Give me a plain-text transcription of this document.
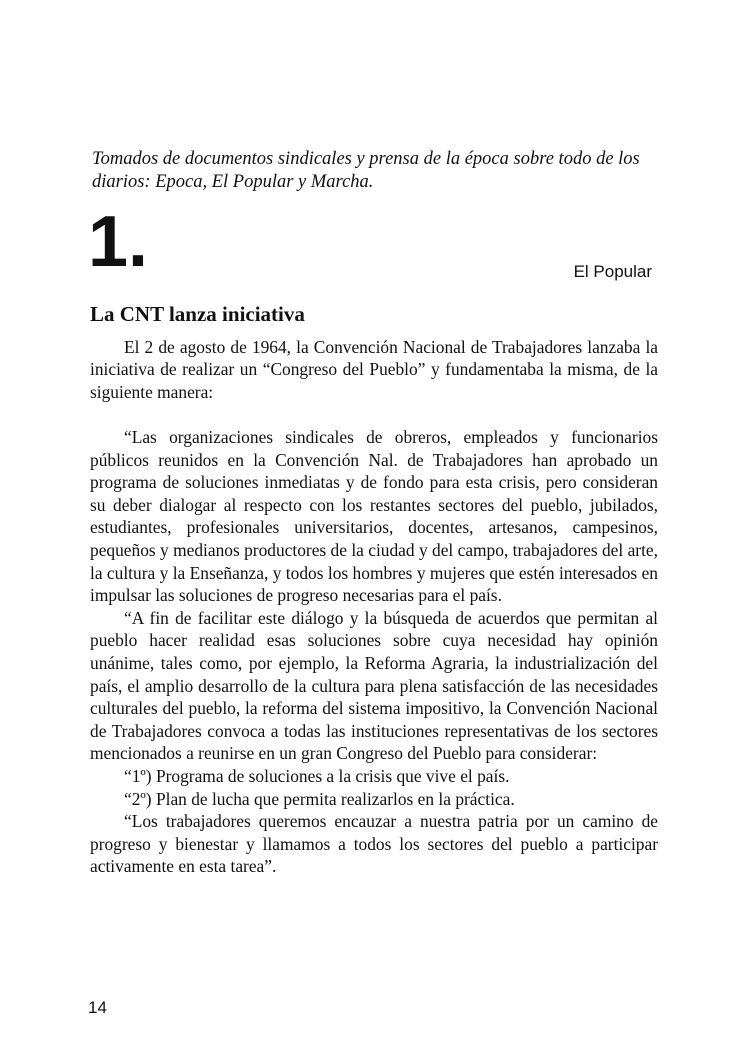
Tomados de documentos sindicales y prensa de la época sobre todo de los diarios: Epoca, El Popular y Marcha.

1.	El Popular

La CNT lanza iniciativa

El 2 de agosto de 1964, la Convención Nacional de Trabajadores lanzaba la iniciativa de realizar un “Congreso del Pueblo” y fundamentaba la misma, de la siguiente manera:

“Las organizaciones sindicales de obreros, empleados y funcionarios públicos reunidos en la Convención Nal. de Trabajadores han aprobado un programa de soluciones inmediatas y de fondo para esta crisis, pero consideran su deber dialogar al respecto con los restantes sectores del pueblo, jubilados, estudiantes, profesionales universitarios, docentes, artesanos, campesinos, pequeños y medianos productores de la ciudad y del campo, trabajadores del arte, la cultura y la Enseñanza, y todos los hombres y mujeres que estén interesados en impulsar las soluciones de progreso necesarias para el país.

“A fin de facilitar este diálogo y la búsqueda de acuerdos que permitan al pueblo hacer realidad esas soluciones sobre cuya necesidad hay opinión unánime, tales como, por ejemplo, la Reforma Agraria, la industrialización del país, el amplio desarrollo de la cultura para plena satisfacción de las necesidades culturales del pueblo, la reforma del sistema impositivo, la Convención Nacional de Trabajadores convoca a todas las instituciones representativas de los sectores mencionados a reunirse en un gran Congreso del Pueblo para considerar:

“1º) Programa de soluciones a la crisis que vive el país.

“2º) Plan de lucha que permita realizarlos en la práctica.

“Los trabajadores queremos encauzar a nuestra patria por un camino de progreso y bienestar y llamamos a todos los sectores del pueblo a participar activamente en esta tarea”.

14
